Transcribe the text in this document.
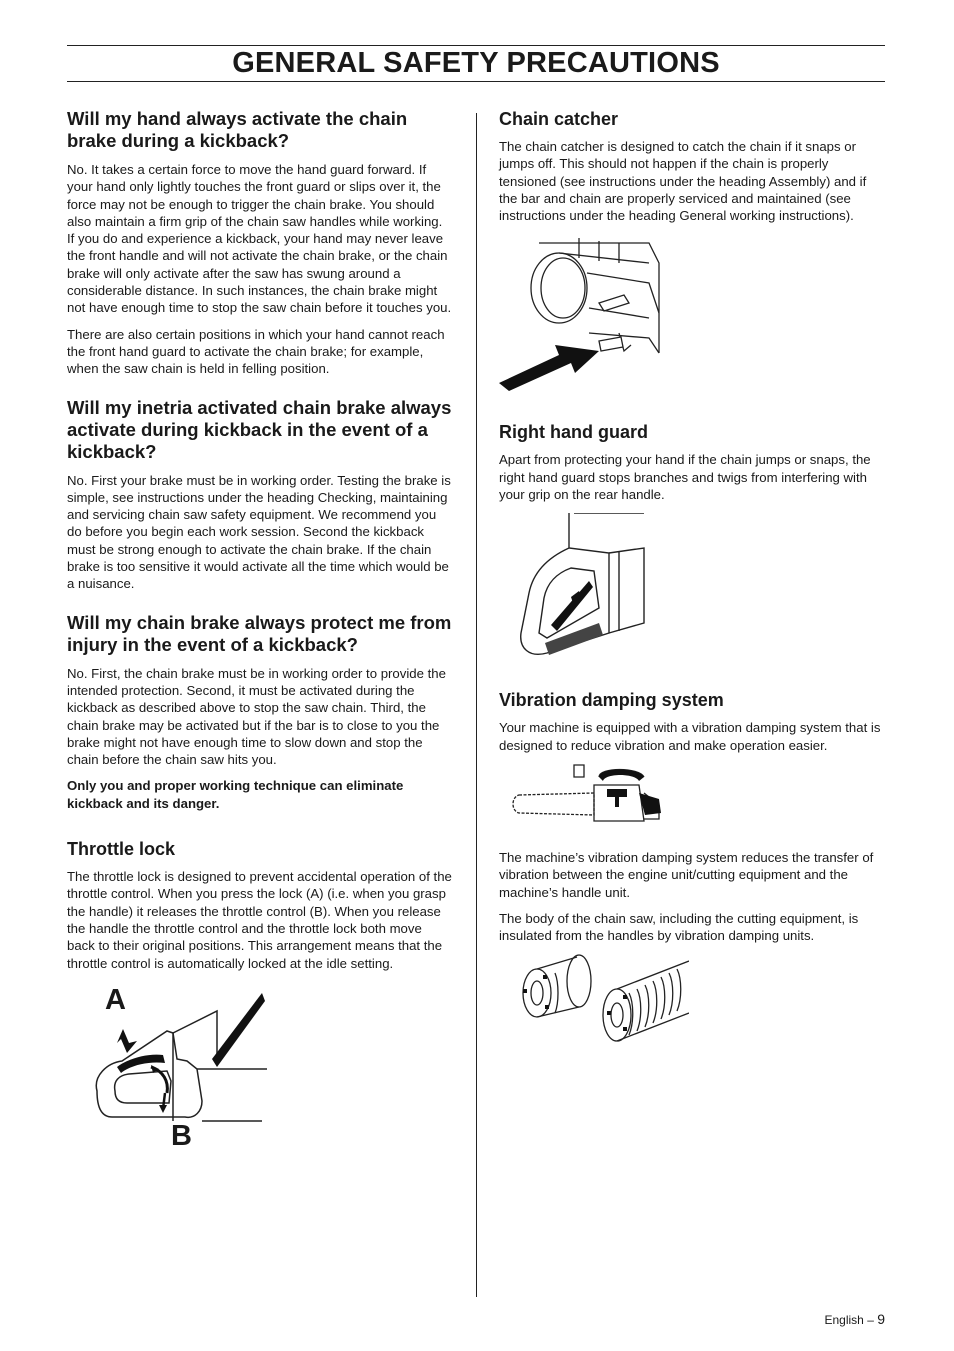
GENERAL SAFETY PRECAUTIONS
Will my hand always activate the chain brake during a kickback?

No. It takes a certain force to move the hand guard forward. If your hand only lightly touches the front guard or slips over it, the force may not be enough to trigger the chain brake. You should also maintain a firm grip of the chain saw handles while working. If you do and experience a kickback, your hand may never leave the front handle and will not activate the chain brake, or the chain brake will only activate after the saw has swung around a considerable distance. In such instances, the chain brake might not have enough time to stop the saw chain before it touches you.

There are also certain positions in which your hand cannot reach the front hand guard to activate the chain brake; for example, when the saw chain is held in felling position.

Will my inetria activated chain brake always activate during kickback in the event of a kickback?

No. First your brake must be in working order. Testing the brake is simple, see instructions under the heading Checking, maintaining and servicing chain saw safety equipment. We recommend you do before you begin each work session. Second the kickback must be strong enough to activate the chain brake. If the chain brake is too sensitive it would activate all the time which would be a nuisance.

Will my chain brake always protect me from injury in the event of a kickback?

No. First, the chain brake must be in working order to provide the intended protection. Second, it must be activated during the kickback as described above to stop the saw chain. Third, the chain brake may be activated but if the bar is to close to you the brake might not have enough time to slow down and stop the chain before the chain saw hits you.

Only you and proper working technique can eliminate kickback and its danger.

Throttle lock

The throttle lock is designed to prevent accidental operation of the throttle control. When you press the lock (A) (i.e. when you grasp the handle) it releases the throttle control (B). When you release the handle the throttle control and the throttle lock both move back to their original positions. This arrangement means that the throttle control is automatically locked at the idle setting.

A
B
Chain catcher

The chain catcher is designed to catch the chain if it snaps or jumps off. This should not happen if the chain is properly tensioned (see instructions under the heading Assembly) and if the bar and chain are properly serviced and maintained (see instructions under the heading General working instructions).

Right hand guard

Apart from protecting your hand if the chain jumps or snaps, the right hand guard stops branches and twigs from interfering with your grip on the rear handle.

Vibration damping system

Your machine is equipped with a vibration damping system that is designed to reduce vibration and make operation easier.

The machine’s vibration damping system reduces the transfer of vibration between the engine unit/cutting equipment and the machine’s handle unit.

The body of the chain saw, including the cutting equipment, is insulated from the handles by vibration damping units.

English – 9
